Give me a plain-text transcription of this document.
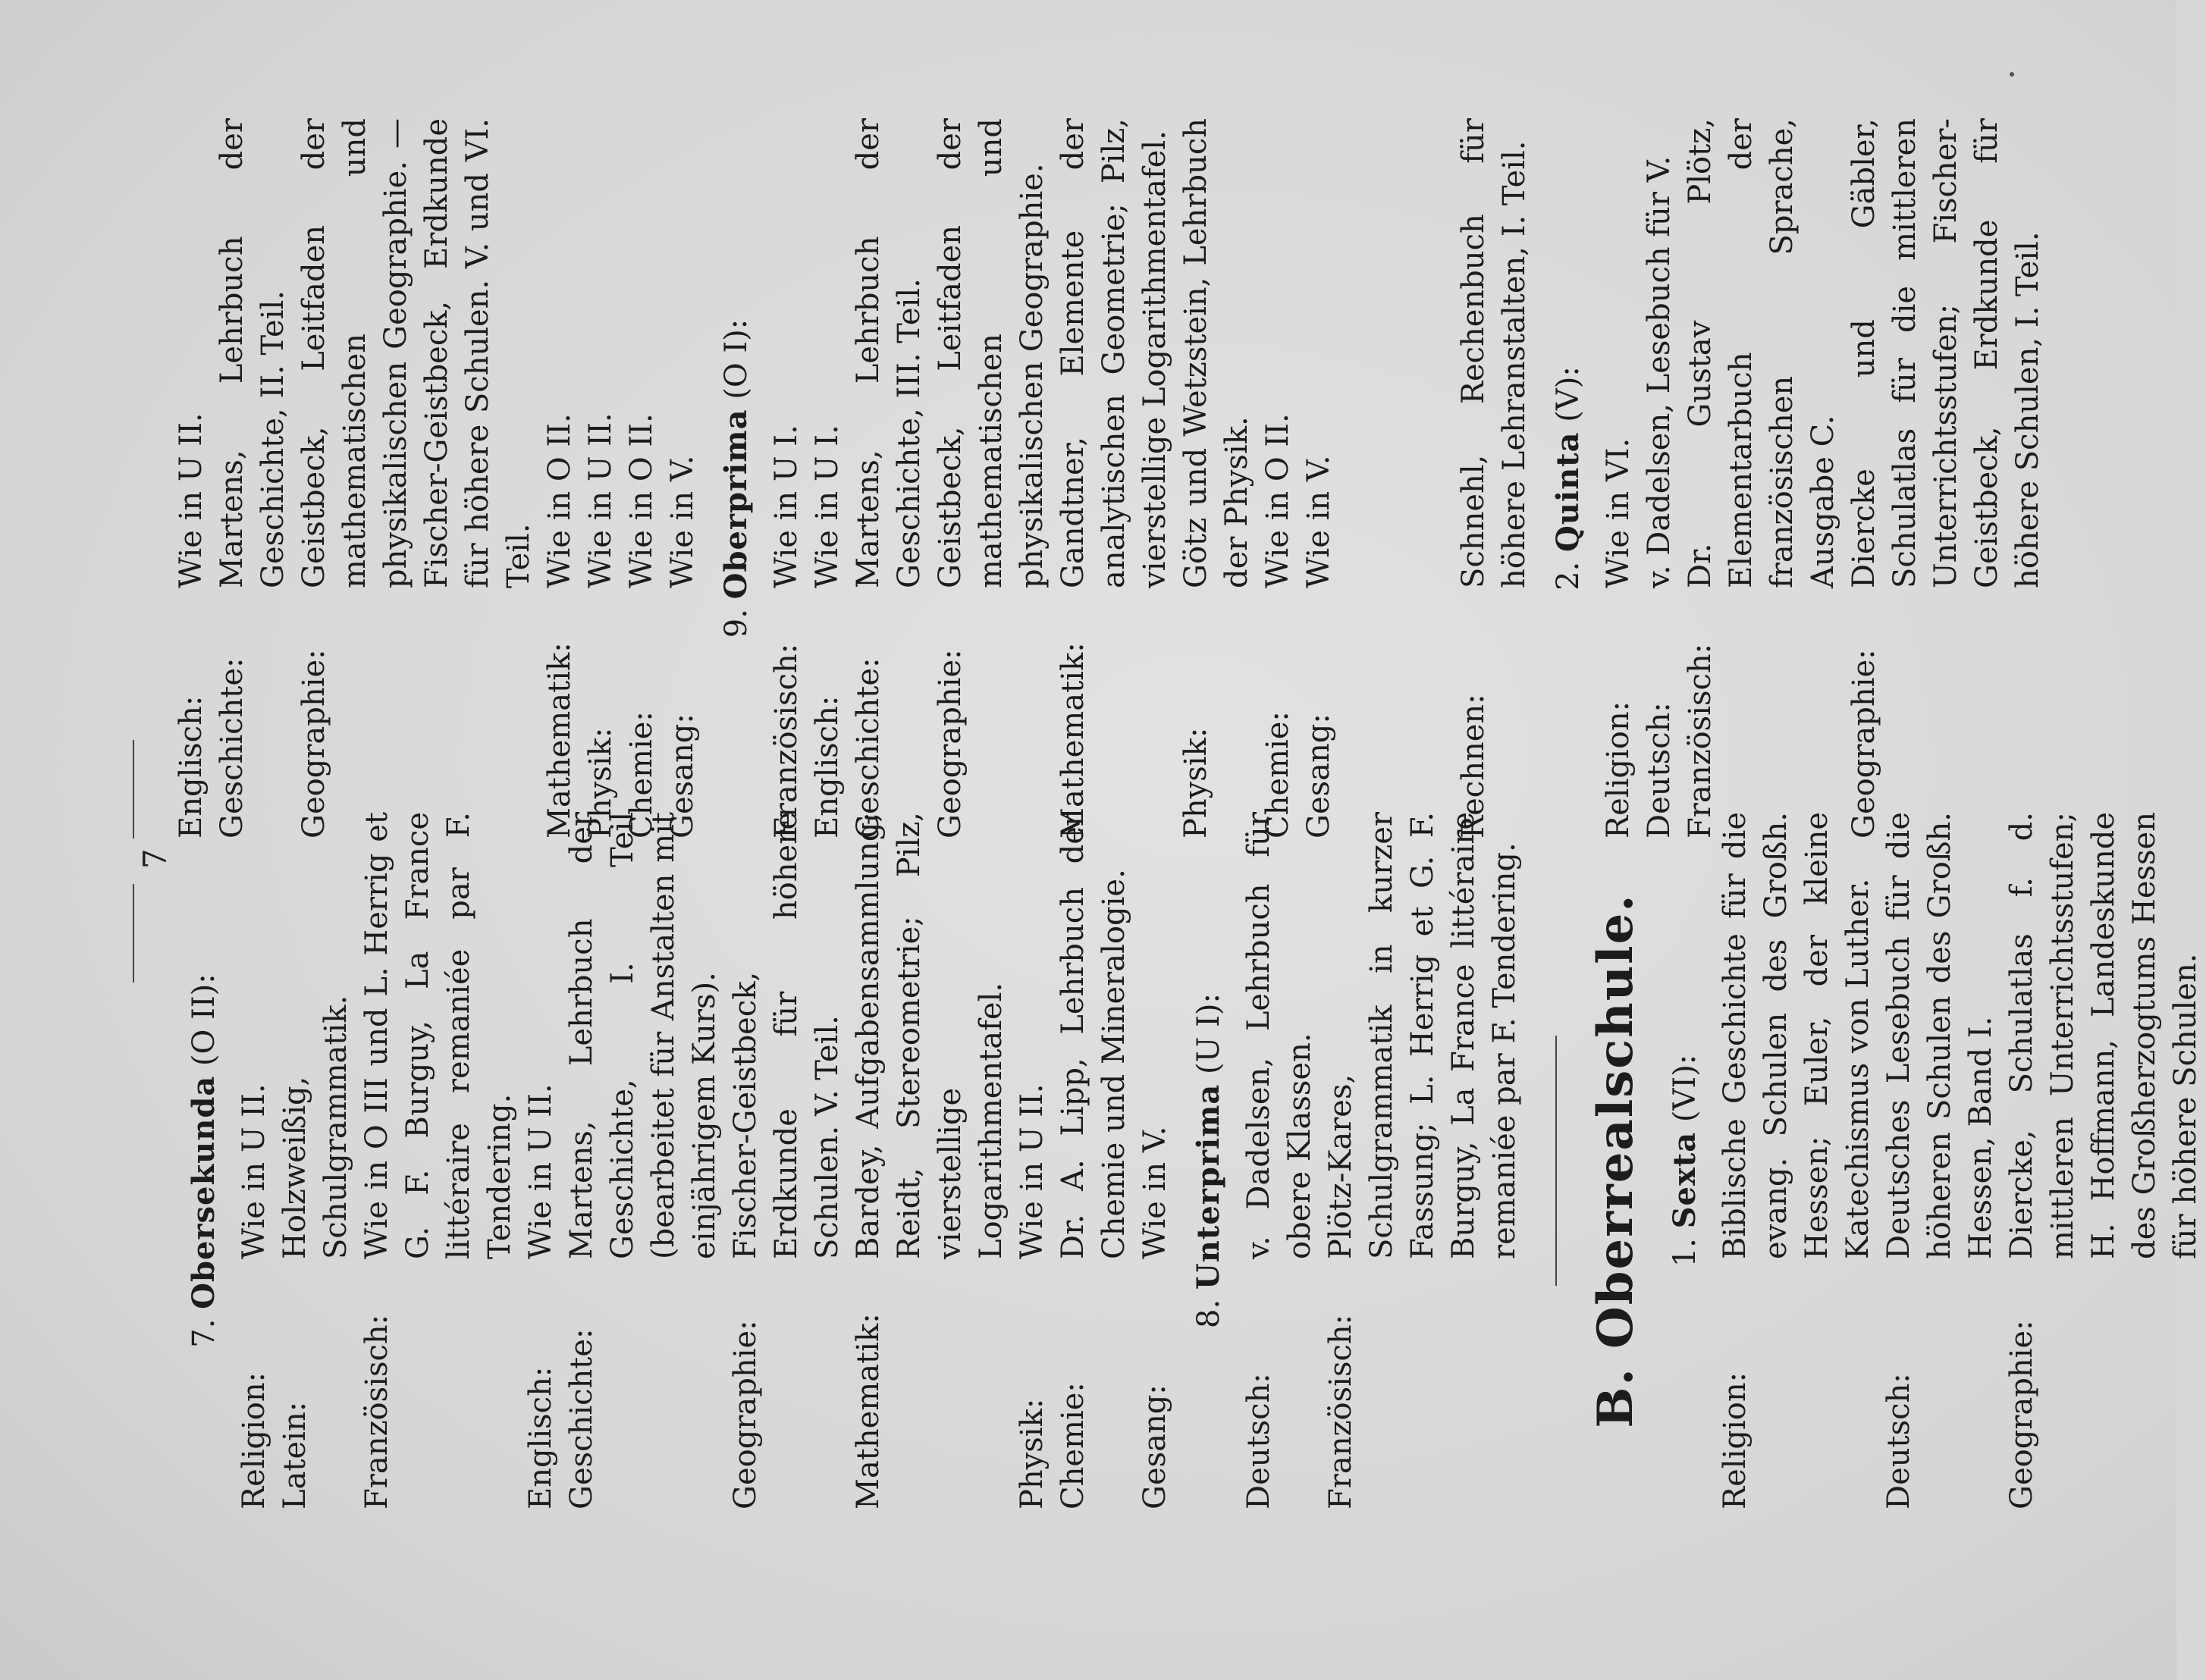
7
7. Obersekunda (O II):
Religion:
Wie in U II.
Latein:
Holzweißig, Schulgrammatik.
Französisch:
Wie in O III und L. Herrig et G. F. Burguy, La France littéraire remaniée par F. Tendering.
Englisch:
Wie in U II.
Geschichte:
Martens, Lehrbuch der Geschichte, I. Teil (bearbeitet für Anstalten mit einjährigem Kurs).
Geographie:
Fischer-Geistbeck, Erdkunde für höhere Schulen. V. Teil.
Mathematik:
Bardey, Aufgabensammlung; Reidt, Stereometrie; Pilz, vierstellige Logarithmentafel.
Physik:
Wie in U II.
Chemie:
Dr. A. Lipp, Lehrbuch der Chemie und Mineralogie.
Gesang:
Wie in V.
8. Unterprima (U I):
Deutsch:
v. Dadelsen, Lehrbuch für obere Klassen.
Französisch:
Plötz-Kares, Schulgrammatik in kurzer Fassung; L. Herrig et G. F. Burguy, La France littéraire remaniée par F. Tendering. B. Oberrealschule. 1. Sexta (VI):
Religion:
Biblische Geschichte für die evang. Schulen des Großh. Hessen; Euler, der kleine Katechismus von Luther.
Deutsch:
Deutsches Lesebuch für die höheren Schulen des Großh. Hessen, Band I.
Geographie:
Diercke, Schulatlas f. d. mittleren Unterrichtsstufen; H. Hoffmann, Landeskunde des Großherzogtums Hessen für höhere Schulen.
Englisch:
Wie in U II.
Geschichte:
Martens, Lehrbuch der Geschichte, II. Teil.
Geographie:
Geistbeck, Leitfaden der mathematischen und physikalischen Geographie. — Fischer-Geistbeck, Erdkunde für höhere Schulen. V. und VI. Teil.
Mathematik:
Wie in O II.
Physik:
Wie in U II.
Chemie:
Wie in O II.
Gesang:
Wie in V.
9. Oberprima (O I):
Französisch:
Wie in U I.
Englisch:
Wie in U I.
Geschichte:
Martens, Lehrbuch der Geschichte, III. Teil.
Geographie:
Geistbeck, Leitfaden der mathematischen und physikalischen Geographie.
Mathematik:
Gandtner, Elemente der analytischen Geometrie; Pilz, vierstellige Logarithmentafel.
Physik:
Götz und Wetzstein, Lehrbuch der Physik.
Chemie:
Wie in O II.
Gesang:
Wie in V.
Rechnen:
Schnehl, Rechenbuch für höhere Lehranstalten, I. Teil. 2. Quinta (V):
Religion:
Wie in VI.
Deutsch:
v. Dadelsen, Lesebuch für V.
Französisch:
Dr. Gustav Plötz, Elementarbuch der französischen Sprache, Ausgabe C.
Geographie:
Diercke und Gäbler, Schulatlas für die mittleren Unterrichtsstufen; Fischer-Geistbeck, Erdkunde für höhere Schulen, I. Teil.
